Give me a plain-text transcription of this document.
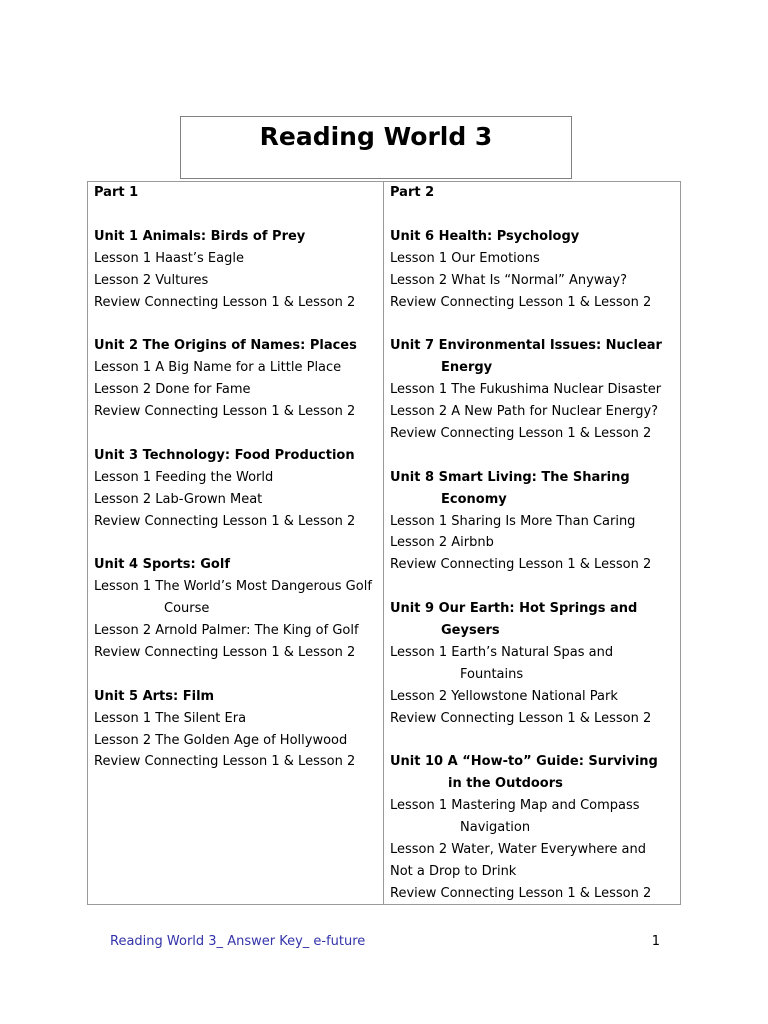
Reading World 3
Part 1
Unit 1 Animals: Birds of Prey
Lesson 1 Haast’s Eagle
Lesson 2 Vultures
Review Connecting Lesson 1 & Lesson 2
Unit 2 The Origins of Names: Places
Lesson 1 A Big Name for a Little Place
Lesson 2 Done for Fame
Review Connecting Lesson 1 & Lesson 2
Unit 3 Technology: Food Production
Lesson 1 Feeding the World
Lesson 2 Lab-Grown Meat
Review Connecting Lesson 1 & Lesson 2
Unit 4 Sports: Golf
Lesson 1 The World’s Most Dangerous Golf
Course
Lesson 2 Arnold Palmer: The King of Golf
Review Connecting Lesson 1 & Lesson 2
Unit 5 Arts: Film
Lesson 1 The Silent Era
Lesson 2 The Golden Age of Hollywood
Review Connecting Lesson 1 & Lesson 2
Part 2
Unit 6 Health: Psychology
Lesson 1 Our Emotions
Lesson 2 What Is “Normal” Anyway?
Review Connecting Lesson 1 & Lesson 2
Unit 7 Environmental Issues: Nuclear
Energy
Lesson 1 The Fukushima Nuclear Disaster
Lesson 2 A New Path for Nuclear Energy?
Review Connecting Lesson 1 & Lesson 2
Unit 8 Smart Living: The Sharing
Economy
Lesson 1 Sharing Is More Than Caring
Lesson 2 Airbnb
Review Connecting Lesson 1 & Lesson 2
Unit 9 Our Earth: Hot Springs and
Geysers
Lesson 1 Earth’s Natural Spas and
Fountains
Lesson 2 Yellowstone National Park
Review Connecting Lesson 1 & Lesson 2
Unit 10 A “How-to” Guide: Surviving
in the Outdoors
Lesson 1 Mastering Map and Compass
Navigation
Lesson 2 Water, Water Everywhere and
Not a Drop to Drink
Review Connecting Lesson 1 & Lesson 2
Reading World 3_ Answer Key_ e-future	1
